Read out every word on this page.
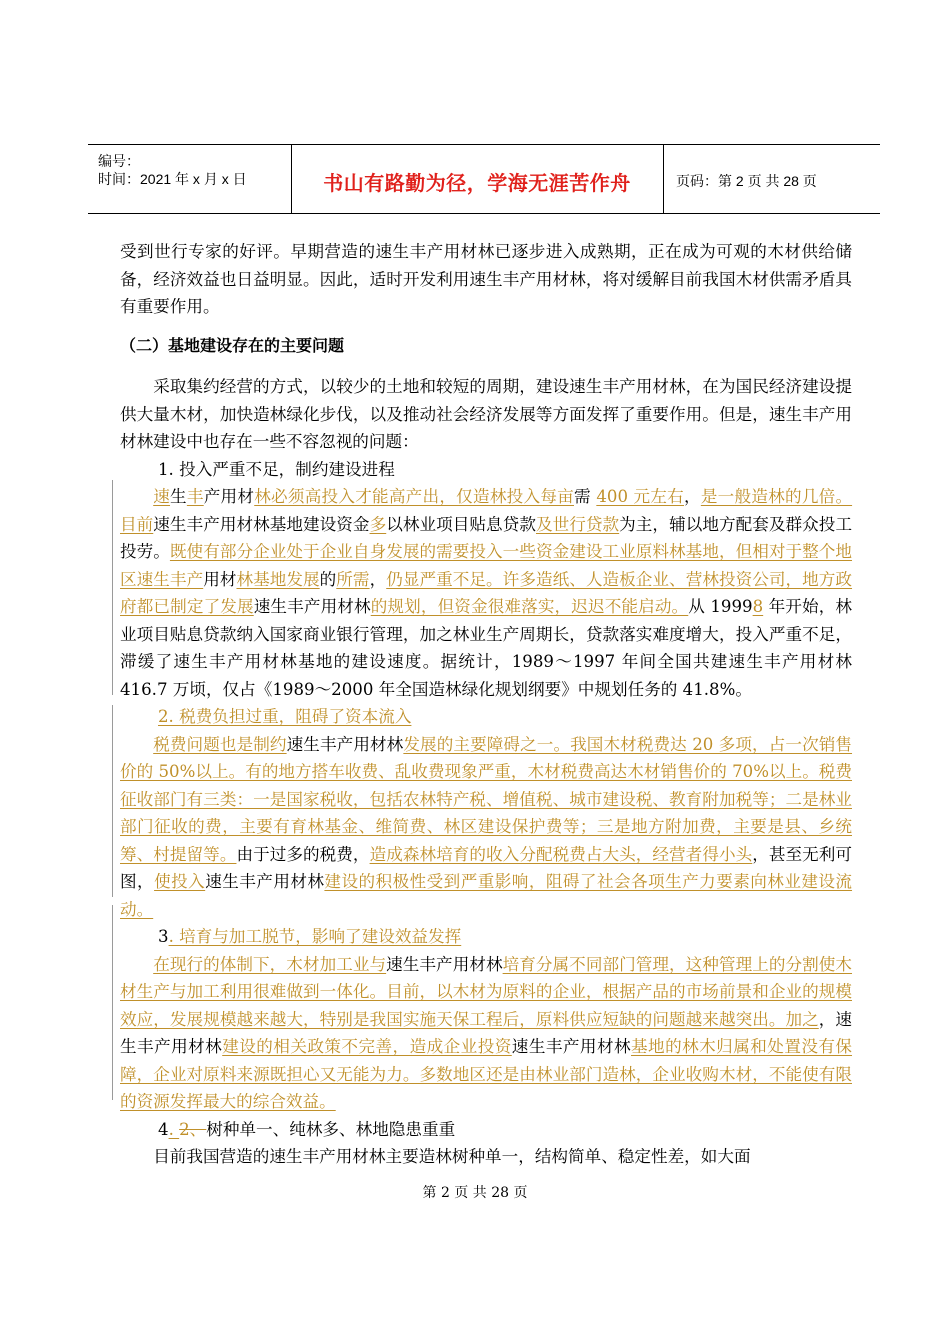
编号：
时间：2021 年 x 月 x 日	书山有路勤为径，学海无涯苦作舟	页码：第 2 页 共 28 页

受到世行专家的好评。早期营造的速生丰产用材林已逐步进入成熟期，正在成为可观的木材供给储备，经济效益也日益明显。因此，适时开发利用速生丰产用材林，将对缓解目前我国木材供需矛盾具有重要作用。

（二）基地建设存在的主要问题

采取集约经营的方式，以较少的土地和较短的周期，建设速生丰产用材林，在为国民经济建设提供大量木材，加快造林绿化步伐，以及推动社会经济发展等方面发挥了重要作用。但是，速生丰产用材林建设中也存在一些不容忽视的问题：

1. 投入严重不足，制约建设进程

速生丰产用材林必须高投入才能高产出，仅造林投入每亩需 400 元左右，是一般造林的几倍。目前速生丰产用材林基地建设资金多以林业项目贴息贷款及世行贷款为主，辅以地方配套及群众投工投劳。既使有部分企业处于企业自身发展的需要投入一些资金建设工业原料林基地，但相对于整个地区速生丰产用材林基地发展的所需，仍显严重不足。许多造纸、人造板企业、营林投资公司，地方政府都已制定了发展速生丰产用材林的规划，但资金很难落实，迟迟不能启动。从 19998 年开始，林业项目贴息贷款纳入国家商业银行管理，加之林业生产周期长，贷款落实难度增大，投入严重不足，滞缓了速生丰产用材林基地的建设速度。据统计，1989～1997 年间全国共建速生丰产用材林 416.7 万顷，仅占《1989～2000 年全国造林绿化规划纲要》中规划任务的 41.8%。

2. 税费负担过重，阻碍了资本流入

税费问题也是制约速生丰产用材林发展的主要障碍之一。我国木材税费达 20 多项，占一次销售价的 50%以上。有的地方搭车收费、乱收费现象严重，木材税费高达木材销售价的 70%以上。税费征收部门有三类：一是国家税收，包括农林特产税、增值税、城市建设税、教育附加税等；二是林业部门征收的费，主要有育林基金、维简费、林区建设保护费等；三是地方附加费，主要是县、乡统筹、村提留等。由于过多的税费，造成森林培育的收入分配税费占大头，经营者得小头，甚至无利可图，使投入速生丰产用材林建设的积极性受到严重影响，阻碍了社会各项生产力要素向林业建设流动。

3. 培育与加工脱节，影响了建设效益发挥

在现行的体制下，木材加工业与速生丰产用材林培育分属不同部门管理，这种管理上的分割使木材生产与加工利用很难做到一体化。目前，以木材为原料的企业，根据产品的市场前景和企业的规模效应，发展规模越来越大，特别是我国实施天保工程后，原料供应短缺的问题越来越突出。加之，速生丰产用材林建设的相关政策不完善，造成企业投资速生丰产用材林基地的林木归属和处置没有保障，企业对原料来源既担心又无能为力。多数地区还是由林业部门造林，企业收购木材，不能使有限的资源发挥最大的综合效益。

4. 2、树种单一、纯林多、林地隐患重重

目前我国营造的速生丰产用材林主要造林树种单一，结构简单、稳定性差，如大面

第 2 页 共 28 页
